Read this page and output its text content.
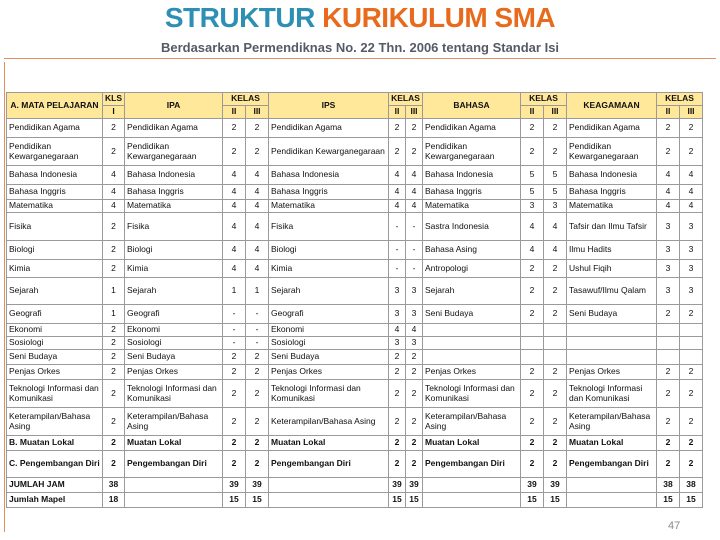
STRUKTUR KURIKULUM SMA
Berdasarkan Permendiknas No. 22 Thn. 2006 tentang Standar Isi
A. MATA PELAJARAN	KLS	IPA	KELAS		IPS	KELAS		BAHASA	KELAS		KEAGAMAAN	KELAS	
	I		II	III		II	III		II	III		II	III
Pendidikan Agama	2	Pendidikan Agama	2	2	Pendidikan Agama	2	2	Pendidikan Agama	2	2	Pendidikan Agama	2	2
Pendidikan Kewarganegaraan	2	Pendidikan Kewarganegaraan	2	2	Pendidikan Kewarganegaraan	2	2	Pendidikan Kewarganegaraan	2	2	Pendidikan Kewarganegaraan	2	2
Bahasa Indonesia	4	Bahasa Indonesia	4	4	Bahasa Indonesia	4	4	Bahasa Indonesia	5	5	Bahasa Indonesia	4	4
Bahasa Inggris	4	Bahasa Inggris	4	4	Bahasa Inggris	4	4	Bahasa Inggris	5	5	Bahasa Inggris	4	4
Matematika	4	Matematika	4	4	Matematika	4	4	Matematika	3	3	Matematika	4	4
Fisika	2	Fisika	4	4	Fisika	-	-	Sastra Indonesia	4	4	Tafsir dan Ilmu Tafsir	3	3
Biologi	2	Biologi	4	4	Biologi	-	-	Bahasa Asing	4	4	Ilmu Hadits	3	3
Kimia	2	Kimia	4	4	Kimia	-	-	Antropologi	2	2	Ushul Fiqih	3	3
Sejarah	1	Sejarah	1	1	Sejarah	3	3	Sejarah	2	2	Tasawuf/Ilmu Qalam	3	3
Geografi	1	Geografi	-	-	Geografi	3	3	Seni Budaya	2	2	Seni Budaya	2	2
Ekonomi	2	Ekonomi	-	-	Ekonomi	4	4						
Sosiologi	2	Sosiologi	-	-	Sosiologi	3	3						
Seni Budaya	2	Seni Budaya	2	2	Seni Budaya	2	2						
Penjas Orkes	2	Penjas Orkes	2	2	Penjas Orkes	2	2	Penjas Orkes	2	2	Penjas Orkes	2	2
Teknologi Informasi dan Komunikasi	2	Teknologi Informasi dan Komunikasi	2	2	Teknologi Informasi dan Komunikasi	2	2	Teknologi Informasi dan Komunikasi	2	2	Teknologi Informasi dan Komunikasi	2	2
Keterampilan/Bahasa Asing	2	Keterampilan/Bahasa Asing	2	2	Keterampilan/Bahasa Asing	2	2	Keterampilan/Bahasa Asing	2	2	Keterampilan/Bahasa Asing	2	2
B. Muatan Lokal	2	Muatan Lokal	2	2	Muatan Lokal	2	2	Muatan Lokal	2	2	Muatan Lokal	2	2
C. Pengembangan Diri	2	Pengembangan Diri	2	2	Pengembangan Diri	2	2	Pengembangan Diri	2	2	Pengembangan Diri	2	2
JUMLAH JAM	38		39	39		39	39		39	39		38	38
Jumlah Mapel	18		15	15		15	15		15	15		15	15
47
